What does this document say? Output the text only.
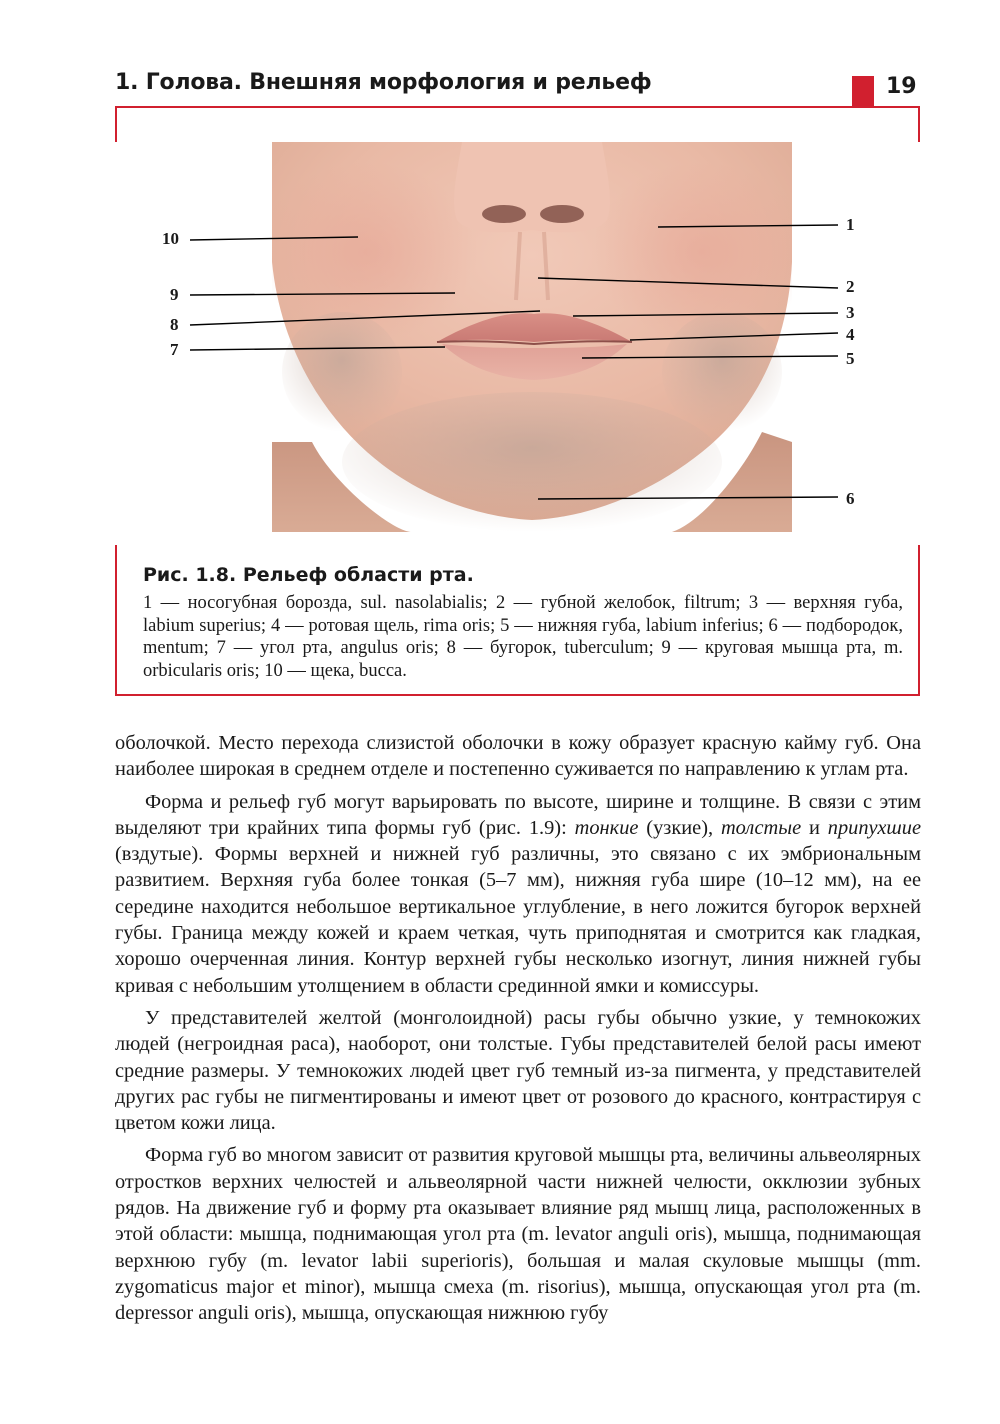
1. Голова. Внешняя морфология и рельеф	19
10
1
2
9
3
8
4
7	5
6
Рис. 1.8. Рельеф области рта.
1 — носогубная борозда, sul. nasolabialis; 2 — губной желобок, filtrum; 3 — верхняя губа, labium superius; 4 — ротовая щель, rima oris; 5 — нижняя губа, labium inferius; 6 — подбородок, mentum; 7 — угол рта, angulus oris; 8 — бугорок, tuberculum; 9 — круговая мышца рта, m. orbicularis oris; 10 — щека, bucca.

оболочкой. Место перехода слизистой оболочки в кожу образует красную кайму губ. Она наиболее широкая в среднем отделе и постепенно суживается по направлению к углам рта.

Форма и рельеф губ могут варьировать по высоте, ширине и толщине. В связи с этим выделяют три крайних типа формы губ (рис. 1.9): тонкие (узкие), толстые и припухшие (вздутые). Формы верхней и нижней губ различны, это связано с их эмбриональным развитием. Верхняя губа более тонкая (5–7 мм), нижняя губа шире (10–12 мм), на ее середине находится небольшое вертикальное углубление, в него ложится бугорок верхней губы. Граница между кожей и краем четкая, чуть приподнятая и смотрится как гладкая, хорошо очерченная линия. Контур верхней губы несколько изогнут, линия нижней губы кривая с небольшим утолщением в области срединной ямки и комиссуры.

У представителей желтой (монголоидной) расы губы обычно узкие, у темнокожих людей (негроидная раса), наоборот, они толстые. Губы представителей белой расы имеют средние размеры. У темнокожих людей цвет губ темный из-за пигмента, у представителей других рас губы не пигментированы и имеют цвет от розового до красного, контрастируя с цветом кожи лица.

Форма губ во многом зависит от развития круговой мышцы рта, величины альвеолярных отростков верхних челюстей и альвеолярной части нижней челюсти, окклюзии зубных рядов. На движение губ и форму рта оказывает влияние ряд мышц лица, расположенных в этой области: мышца, поднимающая угол рта (m. levator anguli oris), мышца, поднимающая верхнюю губу (m. levator labii superioris), большая и малая скуловые мышцы (mm. zygomaticus major et minor), мышца смеха (m. risorius), мышца, опускающая угол рта (m. depressor anguli oris), мышца, опускающая нижнюю губу
